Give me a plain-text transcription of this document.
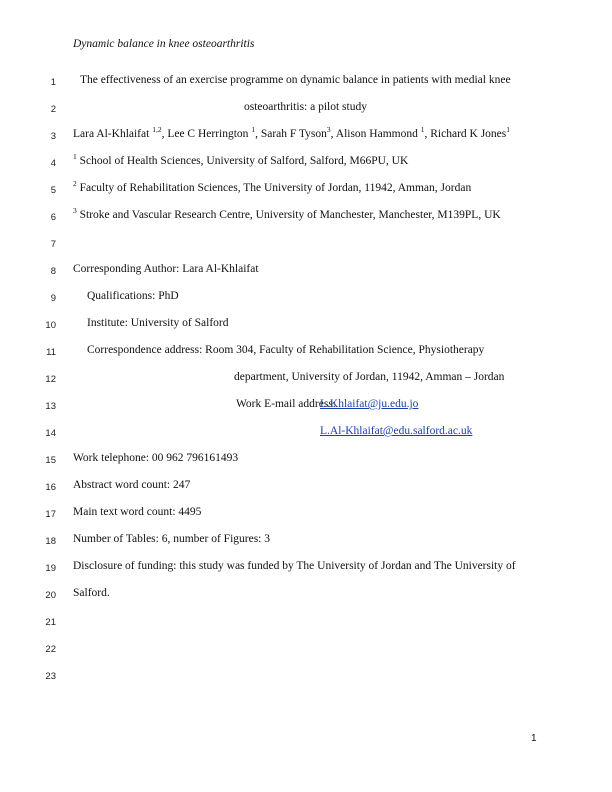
Dynamic balance in knee osteoarthritis
1 The effectiveness of an exercise programme on dynamic balance in patients with medial knee
2	osteoarthritis: a pilot study
3 Lara Al-Khlaifat $^{1,2}$, Lee C Herrington $^1$, Sarah F Tyson$^3$, Alison Hammond $^1$, Richard K Jones$^1$
4
$^1$ School of Health Sciences, University of Salford, Salford, M66PU, UK
5
$^2$ Faculty of Rehabilitation Sciences, The University of Jordan, 11942, Amman, Jordan
6
$^3$ Stroke and Vascular Research Centre, University of Manchester, Manchester, M139PL, UK
7
8 Corresponding Author: Lara Al-Khlaifat
9	Qualifications: PhD
10	Institute: University of Salford
11	Correspondence address: Room 304, Faculty of Rehabilitation Science, Physiotherapy
12	department, University of Jordan, 11942, Amman – Jordan
13	Work E-mail address:
L.Khlaifat@ju.edu.jo
14	L.Al-Khlaifat@edu.salford.ac.uk
15 Work telephone: 00 962 796161493
16 Abstract word count: 247
17 Main text word count: 4495
18 Number of Tables: 6, number of Figures: 3
19 Disclosure of funding: this study was funded by The University of Jordan and The University of
20 Salford.
21
22
23
1
